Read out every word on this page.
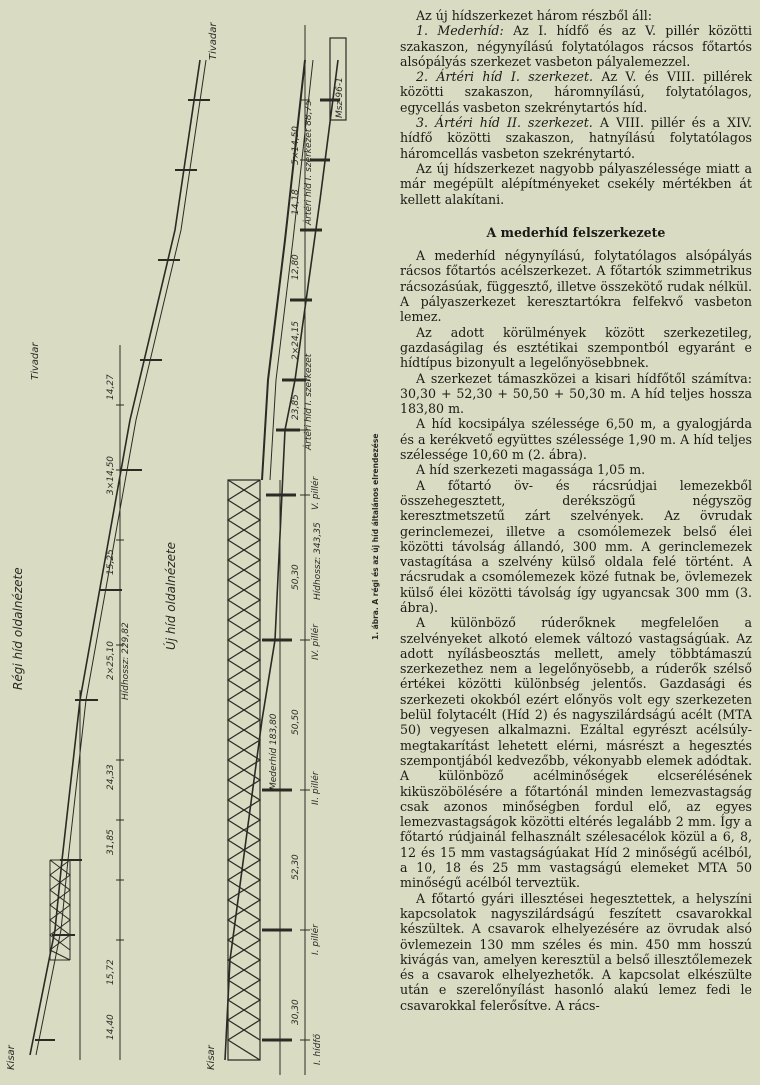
Régi híd oldalnézete	Új híd oldalnézete
Tivadar
Tivadar
Kisar	Kisar
Msz-96-1
14,40
15,72
31,85
24,33
2×25,10
15,25
3×14,50
14,27
5×14,50
Hídhossz: 229,82
30,30
52,30
50,50
50,30
Mederhíd 183,80
Hídhossz: 343,35
23,85
2×24,15
12,80
14,18
Ártéri híd I. szerkezet
Ártéri híd I. szerkezet 88,75
I. hídfő
I. pillér
II. pillér
IV. pillér
V. pillér	1. ábra. A régi és az új híd általános elrendezése

Az új hídszerkezet három részből áll:

1. Mederhíd: Az I. hídfő és az V. pillér közötti szakaszon, négynyílású folytatólagos rácsos főtartós alsópályás szerkezet vasbeton pályalemezzel.

2. Ártéri híd I. szerkezet. Az V. és VIII. pillérek közötti szakaszon, háromnyílású, folytatólagos, egycellás vasbeton szekrénytartós híd.

3. Ártéri híd II. szerkezet. A VIII. pillér és a XIV. hídfő közötti szakaszon, hatnyílású folytatólagos háromcellás vasbeton szekrénytartó.

Az új hídszerkezet nagyobb pályaszélessége miatt a már megépült alépítményeket csekély mértékben át kellett alakítani.

A mederhíd felszerkezete

A mederhíd négynyílású, folytatólagos alsópályás rácsos főtartós acélszerkezet. A főtartók szimmetrikus rácsozásúak, függesztő, illetve összekötő rudak nélkül. A pályaszerkezet keresztartókra felfekvő vasbeton lemez.

Az adott körülmények között szerkezetileg, gazdaságilag és esztétikai szempontból egyaránt e hídtípus bizonyult a legelőnyösebbnek.

A szerkezet támaszközei a kisari hídfőtől számítva: 30,30 + 52,30 + 50,50 + 50,30 m. A híd teljes hossza 183,80 m.

A híd kocsipálya szélessége 6,50 m, a gyalogjárda és a kerékvető együttes szélessége 1,90 m. A híd teljes szélessége 10,60 m (2. ábra).

A híd szerkezeti magassága 1,05 m.

A főtartó öv- és rácsrúdjai lemezekből összehegesztett, derékszögű négyszög keresztmetszetű zárt szelvények. Az övrudak gerinclemezei, illetve a csomólemezek belső élei közötti távolság állandó, 300 mm. A gerinclemezek vastagítása a szelvény külső oldala felé történt. A rácsrudak a csomólemezek közé futnak be, övlemezek külső élei közötti távolság így ugyancsak 300 mm (3. ábra).

A különböző rúderőknek megfelelően a szelvényeket alkotó elemek változó vastagságúak. Az adott nyílásbeosztás mellett, amely többtámaszú szerkezethez nem a legelőnyösebb, a rúderők szélső értékei közötti különbség jelentős. Gazdasági és szerkezeti okokból ezért előnyös volt egy szerkezeten belül folytacélt (Híd 2) és nagyszilárdságú acélt (MTA 50) vegyesen alkalmazni. Ezáltal egyrészt acélsúly-megtakarítást lehetett elérni, másrészt a hegesztés szempontjából kedvezőbb, vékonyabb elemek adódtak. A különböző acélminőségek elcserélésének kiküszöbölésére a főtartónál minden lemezvastagság csak azonos minőségben fordul elő, az egyes lemezvastagságok közötti eltérés legalább 2 mm. Így a főtartó rúdjainál felhasznált szélesacélok közül a 6, 8, 12 és 15 mm vastagságúakat Híd 2 minőségű acélból, a 10, 18 és 25 mm vastagságú elemeket MTA 50 minőségű acélból terveztük.

A főtartó gyári illesztései hegesztettek, a helyszíni kapcsolatok nagyszilárdságú feszített csavarokkal készültek. A csavarok elhelyezésére az övrudak alsó övlemezein 130 mm széles és min. 450 mm hosszú kivágás van, amelyen keresztül a belső illesztőlemezek és a csavarok elhelyezhetők. A kapcsolat elkészülte után e szerelőnyílást hasonló alakú lemez fedi le csavarokkal felerősítve. A rács-
